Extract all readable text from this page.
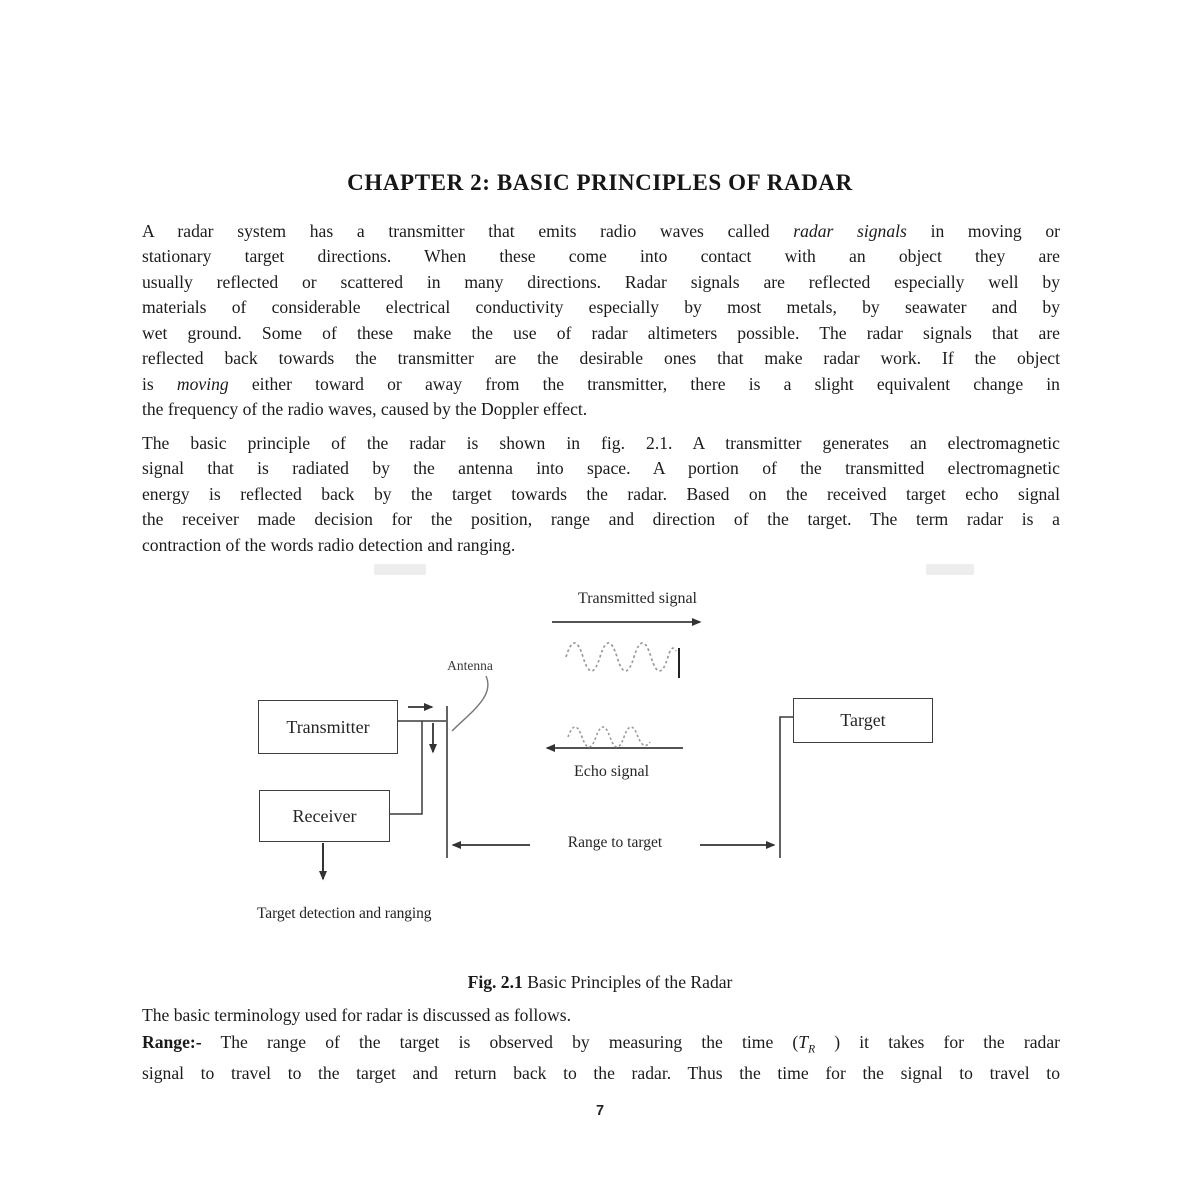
CHAPTER 2: BASIC PRINCIPLES OF RADAR
A radar system has a transmitter that emits radio waves called radar signals in moving or
stationary target directions. When these come into contact with an object they are
usually reflected or scattered in many directions. Radar signals are reflected especially well by
materials of considerable electrical conductivity especially by most metals, by seawater and by
wet ground. Some of these make the use of radar altimeters possible. The radar signals that are
reflected back towards the transmitter are the desirable ones that make radar work. If the object
is moving either toward or away from the transmitter, there is a slight equivalent change in
the frequency of the radio waves, caused by the Doppler effect.
The basic principle of the radar is shown in fig. 2.1. A transmitter generates an electromagnetic
signal that is radiated by the antenna into space. A portion of the transmitted electromagnetic
energy is reflected back by the target towards the radar. Based on the received target echo signal
the receiver made decision for the position, range and direction of the target. The term radar is a
contraction of the words radio detection and ranging.
Transmitted signal
Antenna
Transmitter	Target
Echo signal
Receiver
Range to target
Target detection and ranging
Fig. 2.1 Basic Principles of the Radar
The basic terminology used for radar is discussed as follows.
Range:- The range of the target is observed by measuring the time ($T_R$ ) it takes for the radar
signal to travel to the target and return back to the radar. Thus the time for the signal to travel to
7
